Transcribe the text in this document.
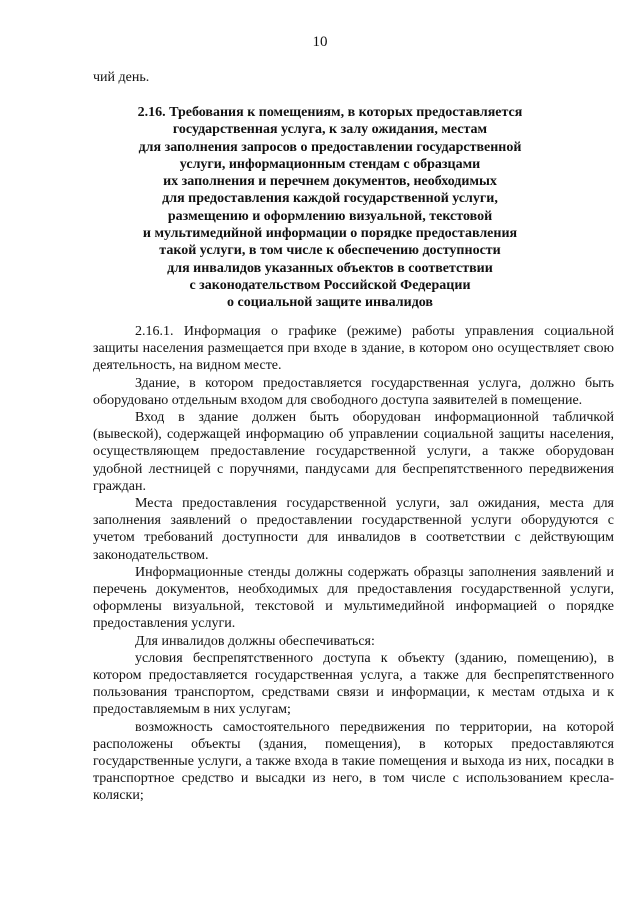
10
чий день.
2.16. Требования к помещениям, в которых предоставляется
государственная услуга, к залу ожидания, местам
для заполнения запросов о предоставлении государственной
услуги, информационным стендам с образцами
их заполнения и перечнем документов, необходимых
для предоставления каждой государственной услуги,
размещению и оформлению визуальной, текстовой
и мультимедийной информации о порядке предоставления
такой услуги, в том числе к обеспечению доступности
для инвалидов указанных объектов в соответствии
с законодательством Российской Федерации
о социальной защите инвалидов

2.16.1. Информация о графике (режиме) работы управления социальной защиты населения размещается при входе в здание, в котором оно осуществляет свою деятельность, на видном месте.

Здание, в котором предоставляется государственная услуга, должно быть оборудовано отдельным входом для свободного доступа заявителей в помещение.

Вход в здание должен быть оборудован информационной табличкой (вывеской), содержащей информацию об управлении социальной защиты населения, осуществляющем предоставление государственной услуги, а также оборудован удобной лестницей с поручнями, пандусами для беспрепятственного передвижения граждан.

Места предоставления государственной услуги, зал ожидания, места для заполнения заявлений о предоставлении государственной услуги оборудуются с учетом требований доступности для инвалидов в соответствии с действующим законодательством.

Информационные стенды должны содержать образцы заполнения заявлений и перечень документов, необходимых для предоставления государственной услуги, оформлены визуальной, текстовой и мультимедийной информацией о порядке предоставления услуги.

Для инвалидов должны обеспечиваться:

условия беспрепятственного доступа к объекту (зданию, помещению), в котором предоставляется государственная услуга, а также для беспрепятственного пользования транспортом, средствами связи и информации, к местам отдыха и к предоставляемым в них услугам;

возможность самостоятельного передвижения по территории, на которой расположены объекты (здания, помещения), в которых предоставляются государственные услуги, а также входа в такие помещения и выхода из них, посадки в транспортное средство и высадки из него, в том числе с использованием кресла-коляски;
